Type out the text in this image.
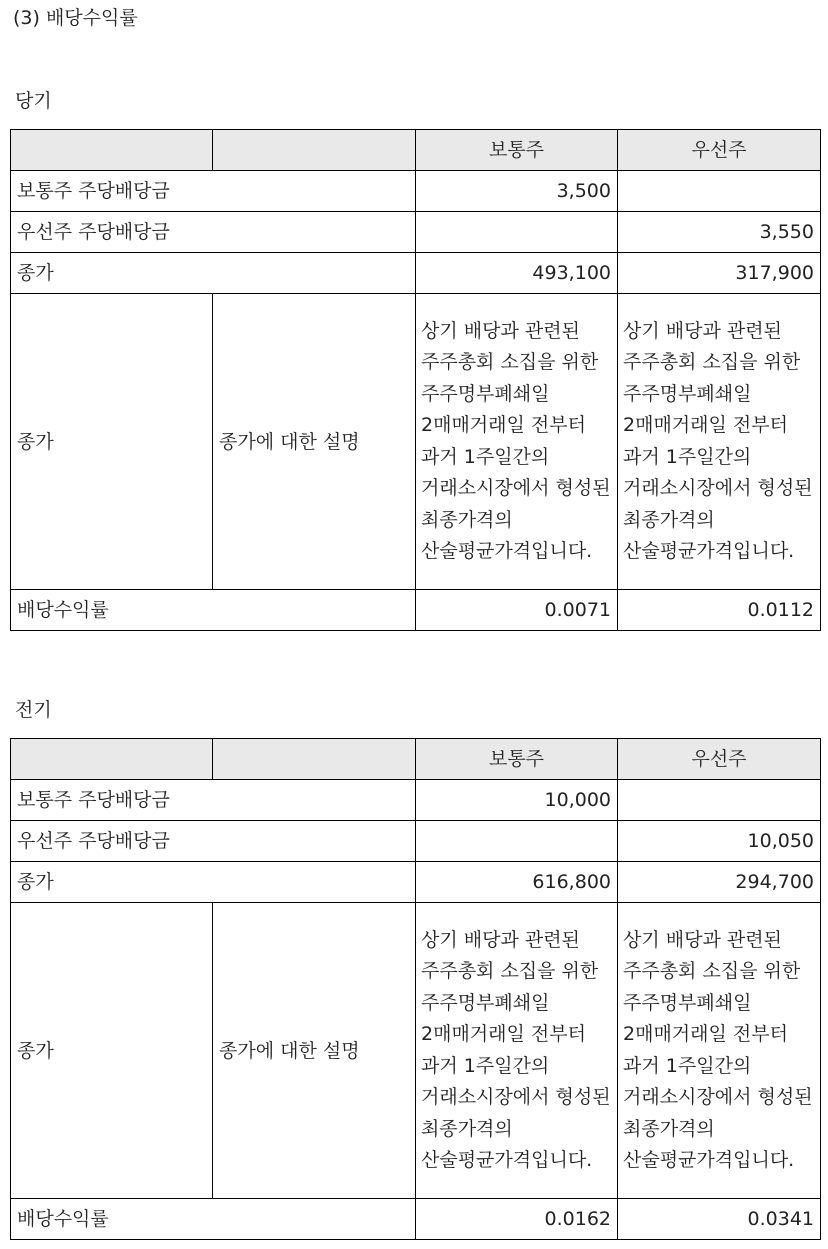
(3) 배당수익률
당기
		보통주	우선주
보통주 주당배당금		3,500	
우선주 주당배당금			3,550
종가		493,100	317,900
종가	종가에 대한 설명	상기 배당과 관련된 주주총회 소집을 위한 주주명부폐쇄일 2매매거래일 전부터 과거 1주일간의 거래소시장에서 형성된 최종가격의 산술평균가격입니다.	상기 배당과 관련된 주주총회 소집을 위한 주주명부폐쇄일 2매매거래일 전부터 과거 1주일간의 거래소시장에서 형성된 최종가격의 산술평균가격입니다.
배당수익률		0.0071	0.0112
전기
		보통주	우선주
보통주 주당배당금		10,000	
우선주 주당배당금			10,050
종가		616,800	294,700
종가	종가에 대한 설명	상기 배당과 관련된 주주총회 소집을 위한 주주명부폐쇄일 2매매거래일 전부터 과거 1주일간의 거래소시장에서 형성된 최종가격의 산술평균가격입니다.	상기 배당과 관련된 주주총회 소집을 위한 주주명부폐쇄일 2매매거래일 전부터 과거 1주일간의 거래소시장에서 형성된 최종가격의 산술평균가격입니다.
배당수익률		0.0162	0.0341
